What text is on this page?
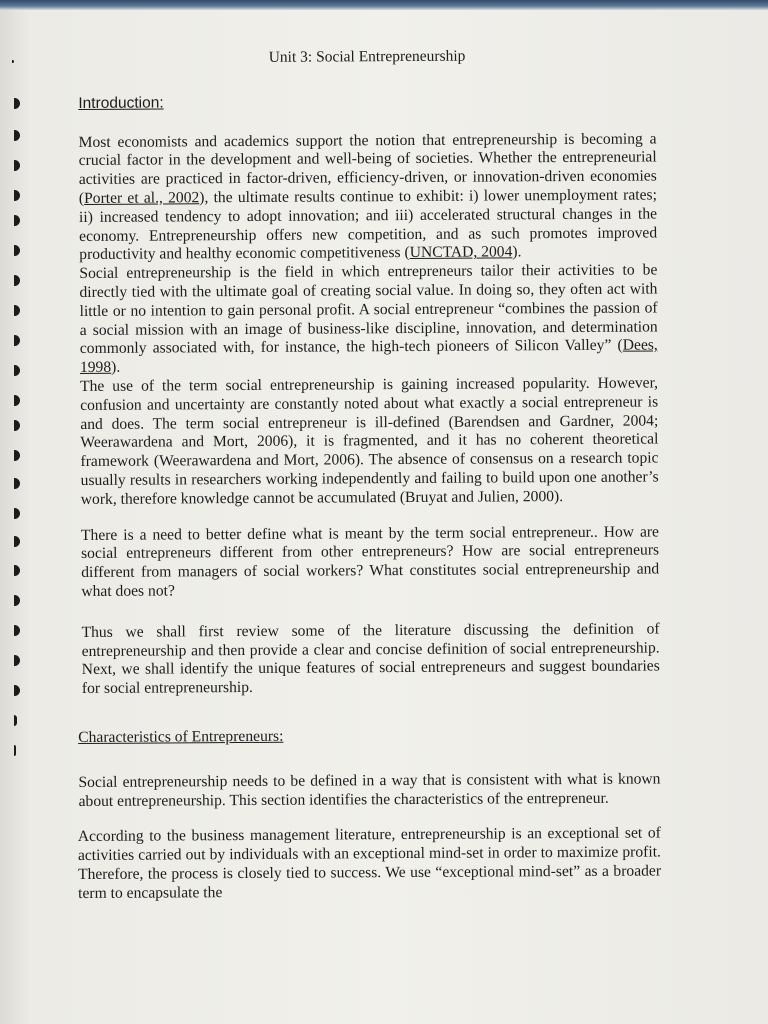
Unit 3: Social Entrepreneurship
Introduction:

Most economists and academics support the notion that entrepreneurship is becoming a crucial factor in the development and well-being of societies. Whether the entrepreneurial activities are practiced in factor-driven, efficiency-driven, or innovation-driven economies (Porter et al., 2002), the ultimate results continue to exhibit: i) lower unemployment rates; ii) increased tendency to adopt innovation; and iii) accelerated structural changes in the economy. Entrepreneurship offers new competition, and as such promotes improved productivity and healthy economic competitiveness (UNCTAD, 2004).

Social entrepreneurship is the field in which entrepreneurs tailor their activities to be directly tied with the ultimate goal of creating social value. In doing so, they often act with little or no intention to gain personal profit. A social entrepreneur “combines the passion of a social mission with an image of business-like discipline, innovation, and determination commonly associated with, for instance, the high-tech pioneers of Silicon Valley” (Dees, 1998).

The use of the term social entrepreneurship is gaining increased popularity. However, confusion and uncertainty are constantly noted about what exactly a social entrepreneur is and does. The term social entrepreneur is ill-defined (Barendsen and Gardner, 2004; Weerawardena and Mort, 2006), it is fragmented, and it has no coherent theoretical framework (Weerawardena and Mort, 2006). The absence of consensus on a research topic usually results in researchers working independently and failing to build upon one another’s work, therefore knowledge cannot be accumulated (Bruyat and Julien, 2000).

There is a need to better define what is meant by the term social entrepreneur.. How are social entrepreneurs different from other entrepreneurs? How are social entrepreneurs different from managers of social workers? What constitutes social entrepreneurship and what does not?

Thus we shall first review some of the literature discussing the definition of entrepreneurship and then provide a clear and concise definition of social entrepreneurship. Next, we shall identify the unique features of social entrepreneurs and suggest boundaries for social entrepreneurship.

Characteristics of Entrepreneurs:

Social entrepreneurship needs to be defined in a way that is consistent with what is known about entrepreneurship. This section identifies the characteristics of the entrepreneur.

According to the business management literature, entrepreneurship is an exceptional set of activities carried out by individuals with an exceptional mind-set in order to maximize profit. Therefore, the process is closely tied to success. We use “exceptional mind-set” as a broader term to encapsulate the
